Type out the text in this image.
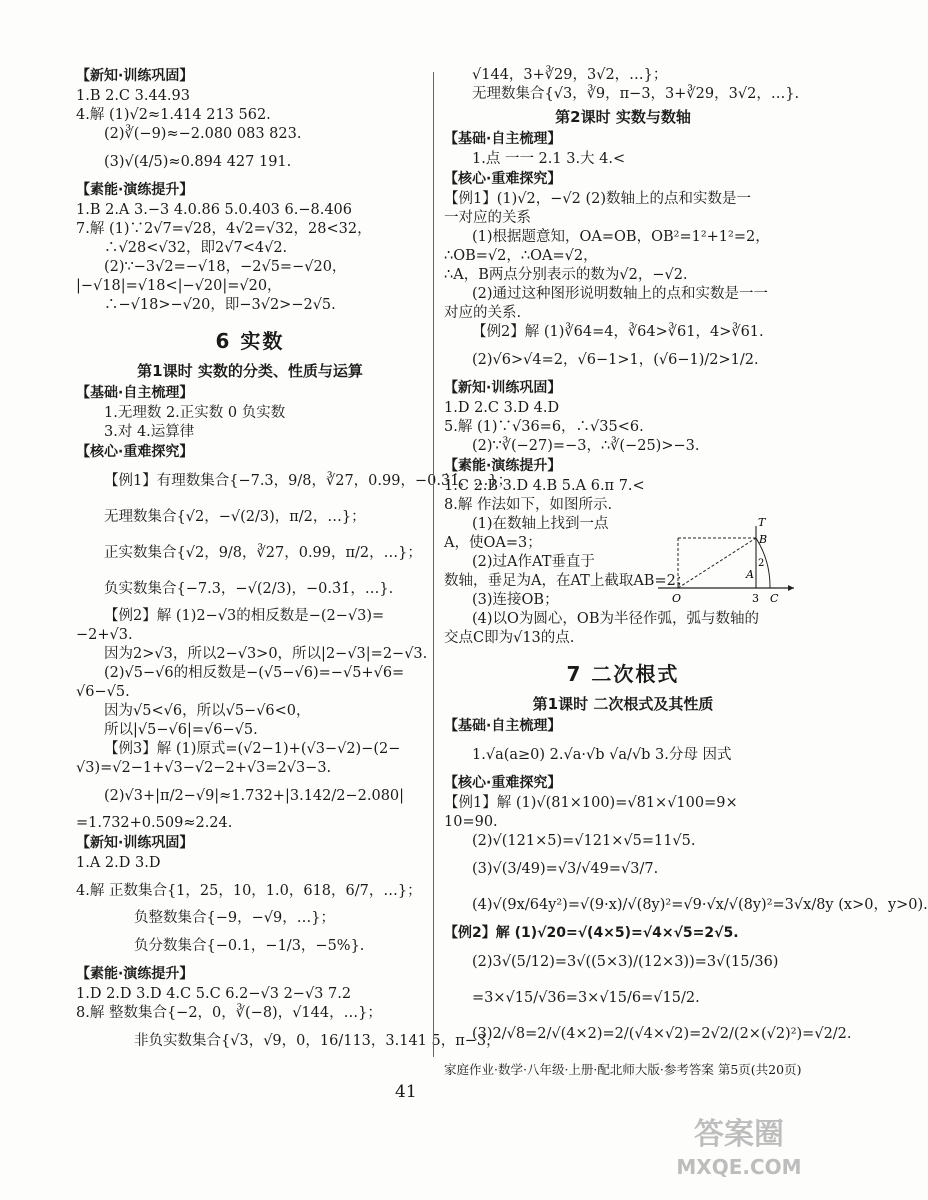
【新知·训练巩固】
1.B 2.C 3.44.93
4.解 (1)√2≈1.414 213 562.
(2)∛(−9)≈−2.080 083 823.
(3)√(4/5)≈0.894 427 191.
【素能·演练提升】
1.B 2.A 3.−3 4.0.86 5.0.403 6.−8.406
7.解 (1)∵2√7=√28，4√2=√32，28<32，
∴√28<√32，即2√7<4√2.
(2)∵−3√2=−√18，−2√5=−√20，
|−√18|=√18<|−√20|=√20，
∴−√18>−√20，即−3√2>−2√5.
6 实数
第1课时 实数的分类、性质与运算
【基础·自主梳理】
1.无理数 2.正实数 0 负实数
3.对 4.运算律
【核心·重难探究】
【例1】有理数集合{−7.3，9/8，∛27，0.99，−0.3̇1̇，…}；
无理数集合{√2，−√(2/3)，π/2，…}；
正实数集合{√2，9/8，∛27，0.99，π/2，…}；
负实数集合{−7.3，−√(2/3)，−0.3̇1̇，…}.
【例2】解 (1)2−√3的相反数是−(2−√3)=
−2+√3.
因为2>√3，所以2−√3>0，所以|2−√3|=2−√3.
(2)√5−√6的相反数是−(√5−√6)=−√5+√6=
√6−√5.
因为√5<√6，所以√5−√6<0，
所以|√5−√6|=√6−√5.
【例3】解 (1)原式=(√2−1)+(√3−√2)−(2−
√3)=√2−1+√3−√2−2+√3=2√3−3.
(2)√3+|π/2−√9|≈1.732+|3.142/2−2.080|
=1.732+0.509≈2.24.
【新知·训练巩固】
1.A 2.D 3.D
4.解 正数集合{1，25，10，1.0，618，6/7，…}；
负整数集合{−9，−√9，…}；
负分数集合{−0.1，−1/3，−5%}.
【素能·演练提升】
1.D 2.D 3.D 4.C 5.C 6.2−√3 2−√3 7.2
8.解 整数集合{−2，0，∛(−8)，√144，…}；
非负实数集合{√3，√9，0，16/113，3.141 5，π−3，
√144，3+∛29，3√2，…}；
无理数集合{√3，∛9，π−3，3+∛29，3√2，…}.
第2课时 实数与数轴
【基础·自主梳理】
1.点 一一 2.1 3.大 4.<
【核心·重难探究】
【例1】(1)√2，−√2 (2)数轴上的点和实数是一
一对应的关系
(1)根据题意知，OA=OB，OB²=1²+1²=2，
∴OB=√2，∴OA=√2，
∴A，B两点分别表示的数为√2，−√2.
(2)通过这种图形说明数轴上的点和实数是一一
对应的关系.
【例2】解 (1)∛64=4，∛64>∛61，4>∛61.
(2)√6>√4=2，√6−1>1，(√6−1)/2>1/2.
【新知·训练巩固】
1.D 2.C 3.D 4.D
5.解 (1)∵√36=6，∴√35<6.
(2)∵∛(−27)=−3，∴∛(−25)>−3.
【素能·演练提升】
1.C 2.B 3.D 4.B 5.A 6.π 7.<
8.解 作法如下，如图所示.
(1)在数轴上找到一点
A，使OA=3；
(2)过A作AT垂直于
数轴，垂足为A，在AT上截取AB=2；
(3)连接OB；
(4)以O为圆心，OB为半径作弧，弧与数轴的
交点C即为√13的点.
7 二次根式
第1课时 二次根式及其性质
【基础·自主梳理】
1.√a(a≥0) 2.√a·√b √a/√b 3.分母 因式
【核心·重难探究】
【例1】解 (1)√(81×100)=√81×√100=9×
10=90.
(2)√(121×5)=√121×√5=11√5.
(3)√(3/49)=√3/√49=√3/7.
(4)√(9x/64y²)=√(9·x)/√(8y)²=√9·√x/√(8y)²=3√x/8y (x>0，y>0).
【例2】解 (1)√20=√(4×5)=√4×√5=2√5.
(2)3√(5/12)=3√((5×3)/(12×3))=3√(15/36)
=3×√15/√36=3×√15/6=√15/2.
(3)2/√8=2/√(4×2)=2/(√4×√2)=2√2/(2×(√2)²)=√2/2.
T
B
A
2
O	3 C
家庭作业·数学·八年级·上册·配北师大版·参考答案 第5页(共20页)
41
答案圈
MXQE.COM
